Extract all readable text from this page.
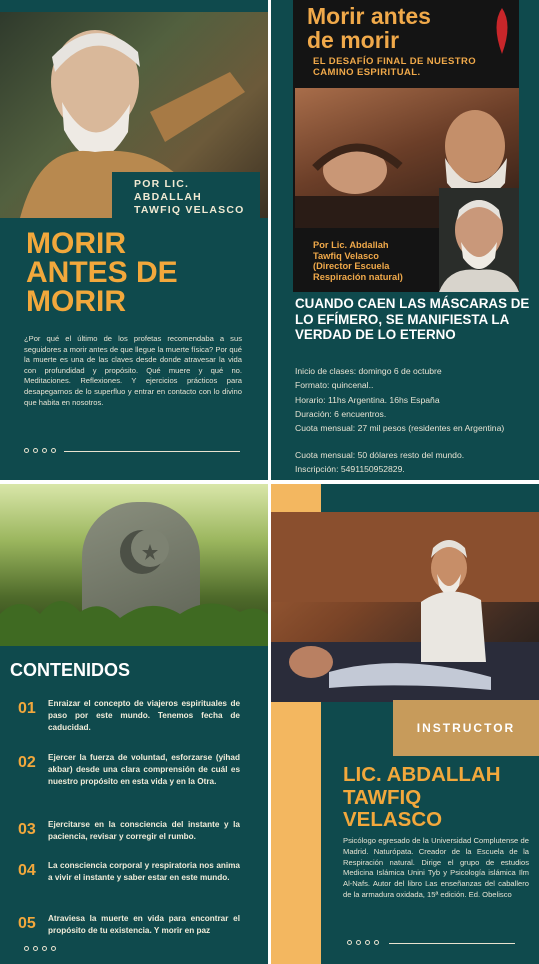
POR LIC.
ABDALLAH
TAWFIQ VELASCO
MORIR
ANTES DE
MORIR
¿Por qué el último de los profetas recomendaba a sus seguidores a morir antes de que llegue la muerte física? Por qué la muerte es una de las claves desde donde atravesar la vida con profundidad y propósito. Qué muere y qué no. Meditaciones. Reflexiones. Y ejercicios prácticos para desapegarnos de lo superfluo y entrar en contacto con lo divino que habita en nosotros.
Morir antes
de morir
EL DESAFÍO FINAL DE NUESTRO
CAMINO ESPIRITUAL.
Por Lic. Abdallah
Tawfiq Velasco
(Director Escuela
Respiración natural)
CUANDO CAEN LAS MÁSCARAS DE LO EFÍMERO, SE MANIFIESTA LA VERDAD DE LO ETERNO
Inicio de clases: domingo 6 de octubre
Formato: quincenal..
Horario: 11hs Argentina. 16hs España
Duración: 6 encuentros.
Cuota mensual: 27 mil pesos (residentes en Argentina)
Cuota mensual: 50 dólares resto del mundo.
Inscripción: 5491150952829.
CONTENIDOS
01	Enraizar el concepto de viajeros espirituales de paso por este mundo. Tenemos fecha de caducidad.
02	Ejercer la fuerza de voluntad, esforzarse (yihad akbar) desde una clara comprensión de cuál es nuestro propósito en esta vida y en la Otra.
03	Ejercitarse en la consciencia del instante y la paciencia, revisar y corregir el rumbo.
04	La consciencia corporal y respiratoria nos anima a vivir el instante y saber estar en este mundo.
05	Atraviesa la muerte en vida para encontrar el propósito de tu existencia. Y morir en paz
INSTRUCTOR
LIC. ABDALLAH
TAWFIQ
VELASCO
Psicólogo egresado de la Universidad Complutense de Madrid. Naturópata. Creador de la Escuela de la Respiración natural. Dirige el grupo de estudios Medicina Islámica Unini Tyb y Psicología islámica Ilm Al-Nafs. Autor del libro Las enseñanzas del caballero de la armadura oxidada, 15ª edición. Ed. Obelisco
